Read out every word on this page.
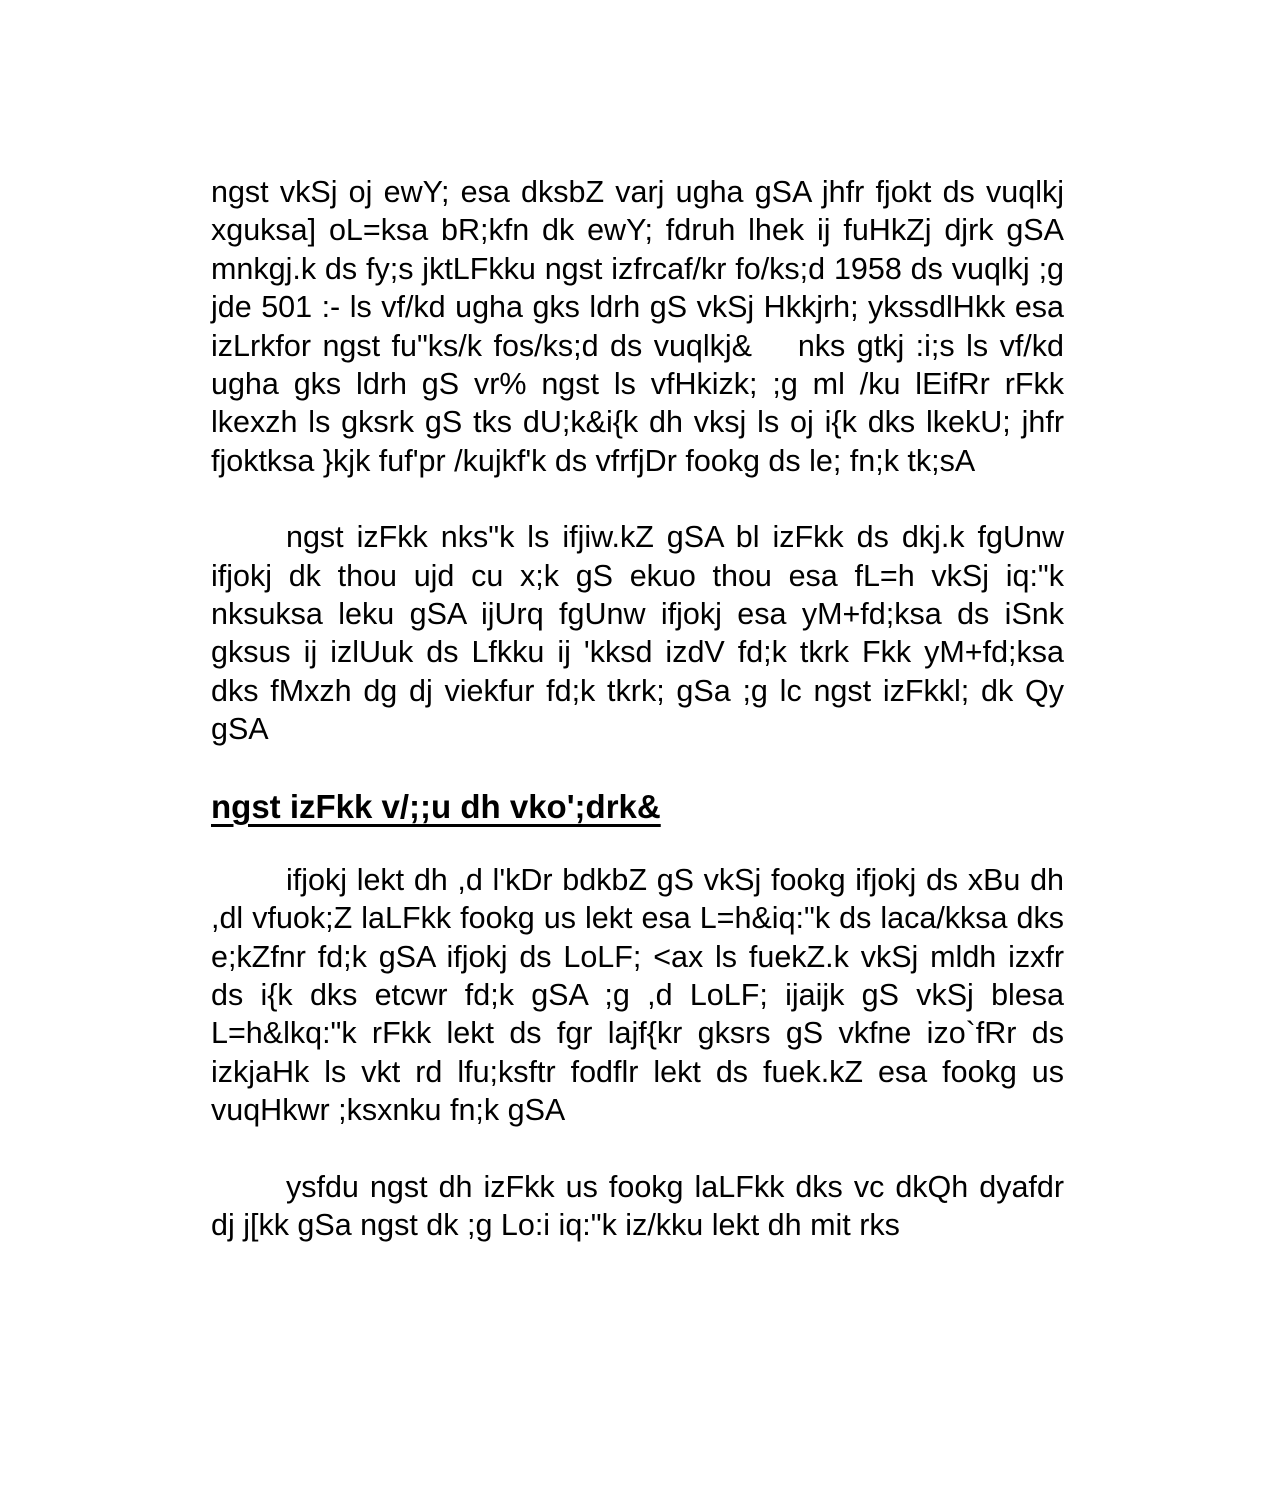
ngst vkSj oj ewY; esa dksbZ varj ugha gSA jhfr fjokt ds vuqlkj xguksa] oL=ksa bR;kfn dk ewY; fdruh lhek ij fuHkZj djrk gSA mnkgj.k ds fy;s jktLFkku ngst izfrcaf/kr fo/ks;d 1958 ds vuqlkj ;g jde 501 :- ls vf/kd ugha gks ldrh gS vkSj Hkkjrh; ykssdlHkk esa izLrkfor ngst fu"ks/k fos/ks;d ds vuqlkj&    nks gtkj :i;s ls vf/kd ugha gks ldrh gS vr% ngst ls vfHkizk; ;g ml /ku lEifRr rFkk lkexzh ls gksrk gS tks dU;k&i{k dh vksj ls oj i{k dks lkekU; jhfr fjoktksa }kjk fuf'pr /kujkf'k ds vfrfjDr fookg ds le; fn;k tk;sA

ngst izFkk nks"k ls ifjiw.kZ gSA bl izFkk ds dkj.k fgUnw ifjokj dk thou ujd cu x;k gS ekuo thou esa fL=h vkSj iq:"k nksuksa leku gSA ijUrq fgUnw ifjokj esa yM+fd;ksa ds iSnk gksus ij izlUuk ds Lfkku ij 'kksd izdV fd;k tkrk Fkk yM+fd;ksa dks fMxzh dg dj viekfur fd;k tkrk; gSa ;g lc ngst izFkkl; dk Qy gSA

ngst izFkk v/;;u dh vko';drk&

ifjokj lekt dh ,d l'kDr bdkbZ gS vkSj fookg ifjokj ds xBu dh ,dl vfuok;Z laLFkk fookg us lekt esa L=h&iq:"k ds laca/kksa dks e;kZfnr fd;k gSA ifjokj ds LoLF; <ax ls fuekZ.k vkSj mldh izxfr ds i{k dks etcwr fd;k gSA ;g ,d LoLF; ijaijk gS vkSj blesa L=h&lkq:"k rFkk lekt ds fgr lajf{kr gksrs gS vkfne izo`fRr ds izkjaHk ls vkt rd lfu;ksftr fodflr lekt ds fuek.kZ esa fookg us vuqHkwr ;ksxnku fn;k gSA

ysfdu ngst dh izFkk us fookg laLFkk dks vc dkQh dyafdr dj j[kk gSa ngst dk ;g Lo:i iq:"k iz/kku lekt dh mit rks
